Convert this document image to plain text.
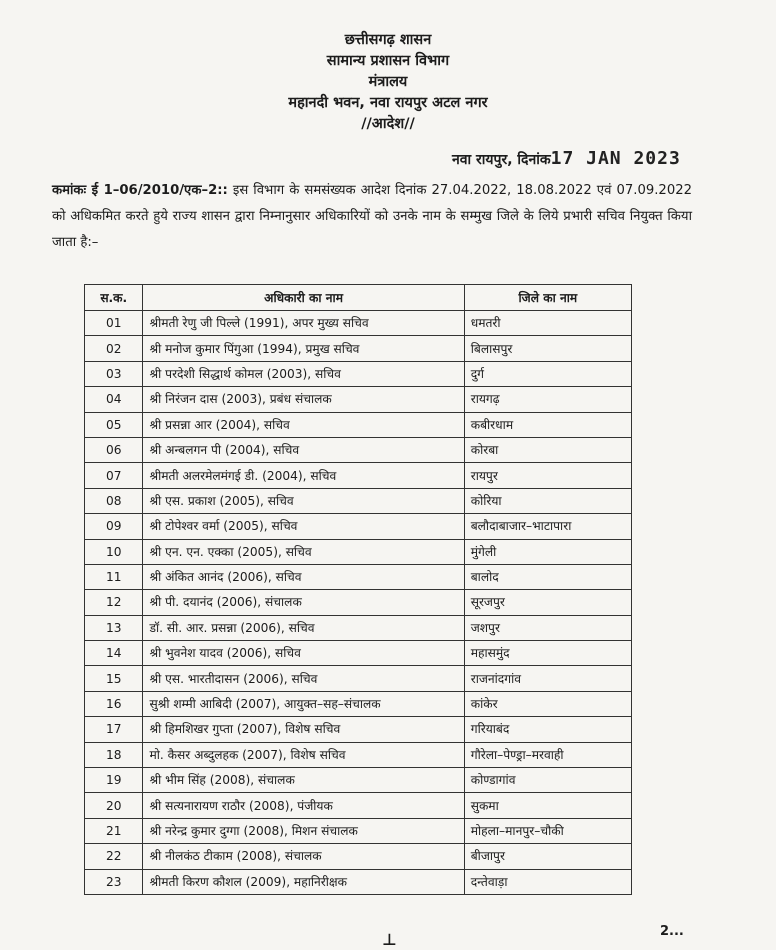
छत्तीसगढ़ शासन
सामान्य प्रशासन विभाग
मंत्रालय
महानदी भवन, नवा रायपुर अटल नगर
//आदेश//
नवा रायपुर, दिनांक17 JAN 2023
कमांकः ई 1–06/2010/एक–2:: इस विभाग के समसंख्यक आदेश दिनांक 27.04.2022, 18.08.2022 एवं 07.09.2022 को अधिकमित करते हुये राज्य शासन द्वारा निम्नानुसार अधिकारियों को उनके नाम के सम्मुख जिले के लिये प्रभारी सचिव नियुक्त किया जाता है:–
स.क.	अधिकारी का नाम	जिले का नाम
01	श्रीमती रेणु जी पिल्ले (1991), अपर मुख्य सचिव	धमतरी
02	श्री मनोज कुमार पिंगुआ (1994), प्रमुख सचिव	बिलासपुर
03	श्री परदेशी सिद्धार्थ कोमल (2003), सचिव	दुर्ग
04	श्री निरंजन दास (2003), प्रबंध संचालक	रायगढ़
05	श्री प्रसन्ना आर (2004), सचिव	कबीरधाम
06	श्री अन्बलगन पी (2004), सचिव	कोरबा
07	श्रीमती अलरमेलमंगई डी. (2004), सचिव	रायपुर
08	श्री एस. प्रकाश (2005), सचिव	कोरिया
09	श्री टोपेश्वर वर्मा (2005), सचिव	बलौदाबाजार–भाटापारा
10	श्री एन. एन. एक्का (2005), सचिव	मुंगेली
11	श्री अंकित आनंद (2006), सचिव	बालोद
12	श्री पी. दयानंद (2006), संचालक	सूरजपुर
13	डॉ. सी. आर. प्रसन्ना (2006), सचिव	जशपुर
14	श्री भुवनेश यादव (2006), सचिव	महासमुंद
15	श्री एस. भारतीदासन (2006), सचिव	राजनांदगांव
16	सुश्री शम्मी आबिदी (2007), आयुक्त–सह–संचालक	कांकेर
17	श्री हिमशिखर गुप्ता (2007), विशेष सचिव	गरियाबंद
18	मो. कैसर अब्दुलहक (2007), विशेष सचिव	गौरेला–पेण्ड्रा–मरवाही
19	श्री भीम सिंह (2008), संचालक	कोण्डागांव
20	श्री सत्यनारायण राठौर (2008), पंजीयक	सुकमा
21	श्री नरेन्द्र कुमार दुग्गा (2008), मिशन संचालक	मोहला–मानपुर–चौकी
22	श्री नीलकंठ टीकाम (2008), संचालक	बीजापुर
23	श्रीमती किरण कौशल (2009), महानिरीक्षक	दन्तेवाड़ा
⊥	2...
